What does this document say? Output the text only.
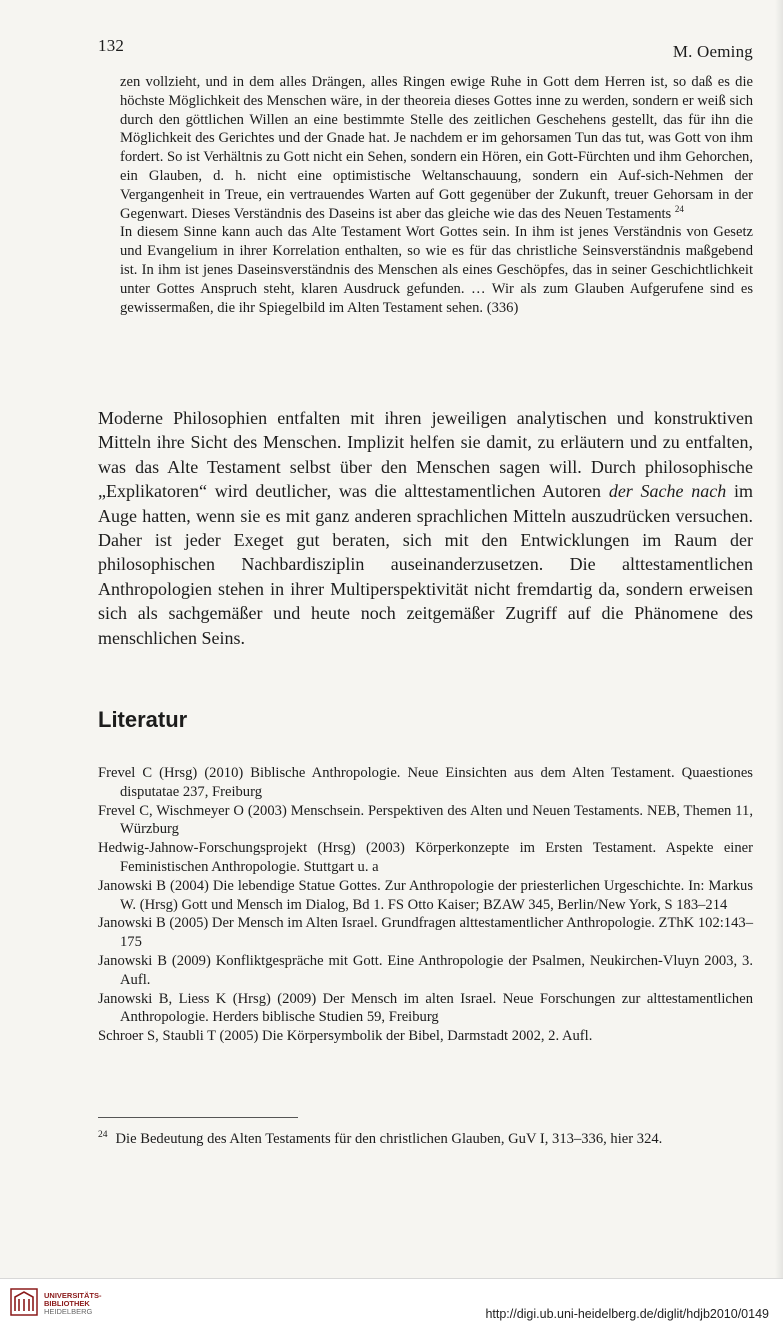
132	M. Oeming

zen vollzieht, und in dem alles Drängen, alles Ringen ewige Ruhe in Gott dem Herren ist, so daß es die höchste Möglichkeit des Menschen wäre, in der theoreia dieses Gottes inne zu werden, sondern er weiß sich durch den göttlichen Willen an eine bestimmte Stelle des zeitlichen Geschehens gestellt, das für ihn die Möglichkeit des Gerichtes und der Gnade hat. Je nachdem er im gehorsamen Tun das tut, was Gott von ihm fordert. So ist Verhältnis zu Gott nicht ein Sehen, sondern ein Hören, ein Gott-Fürchten und ihm Gehorchen, ein Glauben, d. h. nicht eine optimistische Weltanschauung, sondern ein Auf-sich-Nehmen der Vergangenheit in Treue, ein vertrauendes Warten auf Gott gegenüber der Zukunft, treuer Gehorsam in der Gegenwart. Dieses Verständnis des Daseins ist aber das gleiche wie das des Neuen Testaments $^{24}$

In diesem Sinne kann auch das Alte Testament Wort Gottes sein. In ihm ist jenes Verständnis von Gesetz und Evangelium in ihrer Korrelation enthalten, so wie es für das christliche Seinsverständnis maßgebend ist. In ihm ist jenes Daseinsverständnis des Menschen als eines Geschöpfes, das in seiner Geschichtlichkeit unter Gottes Anspruch steht, klaren Ausdruck gefunden. … Wir als zum Glauben Aufgerufene sind es gewissermaßen, die ihr Spiegelbild im Alten Testament sehen. (336)

Moderne Philosophien entfalten mit ihren jeweiligen analytischen und konstruktiven Mitteln ihre Sicht des Menschen. Implizit helfen sie damit, zu erläutern und zu entfalten, was das Alte Testament selbst über den Menschen sagen will. Durch philosophische „Explikatoren“ wird deutlicher, was die alttestamentlichen Autoren der Sache nach im Auge hatten, wenn sie es mit ganz anderen sprachlichen Mitteln auszudrücken versuchen. Daher ist jeder Exeget gut beraten, sich mit den Entwicklungen im Raum der philosophischen Nachbardisziplin auseinanderzusetzen. Die alttestamentlichen Anthropologien stehen in ihrer Multiperspektivität nicht fremdartig da, sondern erweisen sich als sachgemäßer und heute noch zeitgemäßer Zugriff auf die Phänomene des menschlichen Seins.

Literatur
Frevel C (Hrsg) (2010) Biblische Anthropologie. Neue Einsichten aus dem Alten Testament. Quaestiones disputatae 237, Freiburg
Frevel C, Wischmeyer O (2003) Menschsein. Perspektiven des Alten und Neuen Testaments. NEB, Themen 11, Würzburg
Hedwig-Jahnow-Forschungsprojekt (Hrsg) (2003) Körperkonzepte im Ersten Testament. Aspekte einer Feministischen Anthropologie. Stuttgart u. a
Janowski B (2004) Die lebendige Statue Gottes. Zur Anthropologie der priesterlichen Urgeschichte. In: Markus W. (Hrsg) Gott und Mensch im Dialog, Bd 1. FS Otto Kaiser; BZAW 345, Berlin/New York, S 183–214
Janowski B (2005) Der Mensch im Alten Israel. Grundfragen alttestamentlicher Anthropologie. ZThK 102:143–175
Janowski B (2009) Konfliktgespräche mit Gott. Eine Anthropologie der Psalmen, Neukirchen-Vluyn 2003, 3. Aufl.
Janowski B, Liess K (Hrsg) (2009) Der Mensch im alten Israel. Neue Forschungen zur alttestamentlichen Anthropologie. Herders biblische Studien 59, Freiburg
Schroer S, Staubli T (2005) Die Körpersymbolik der Bibel, Darmstadt 2002, 2. Aufl.
$^{24}$ Die Bedeutung des Alten Testaments für den christlichen Glauben, GuV I, 313–336, hier 324.
UNIVERSITÄTS-
BIBLIOTHEK
HEIDELBERG	http://digi.ub.uni-heidelberg.de/diglit/hdjb2010/0149
